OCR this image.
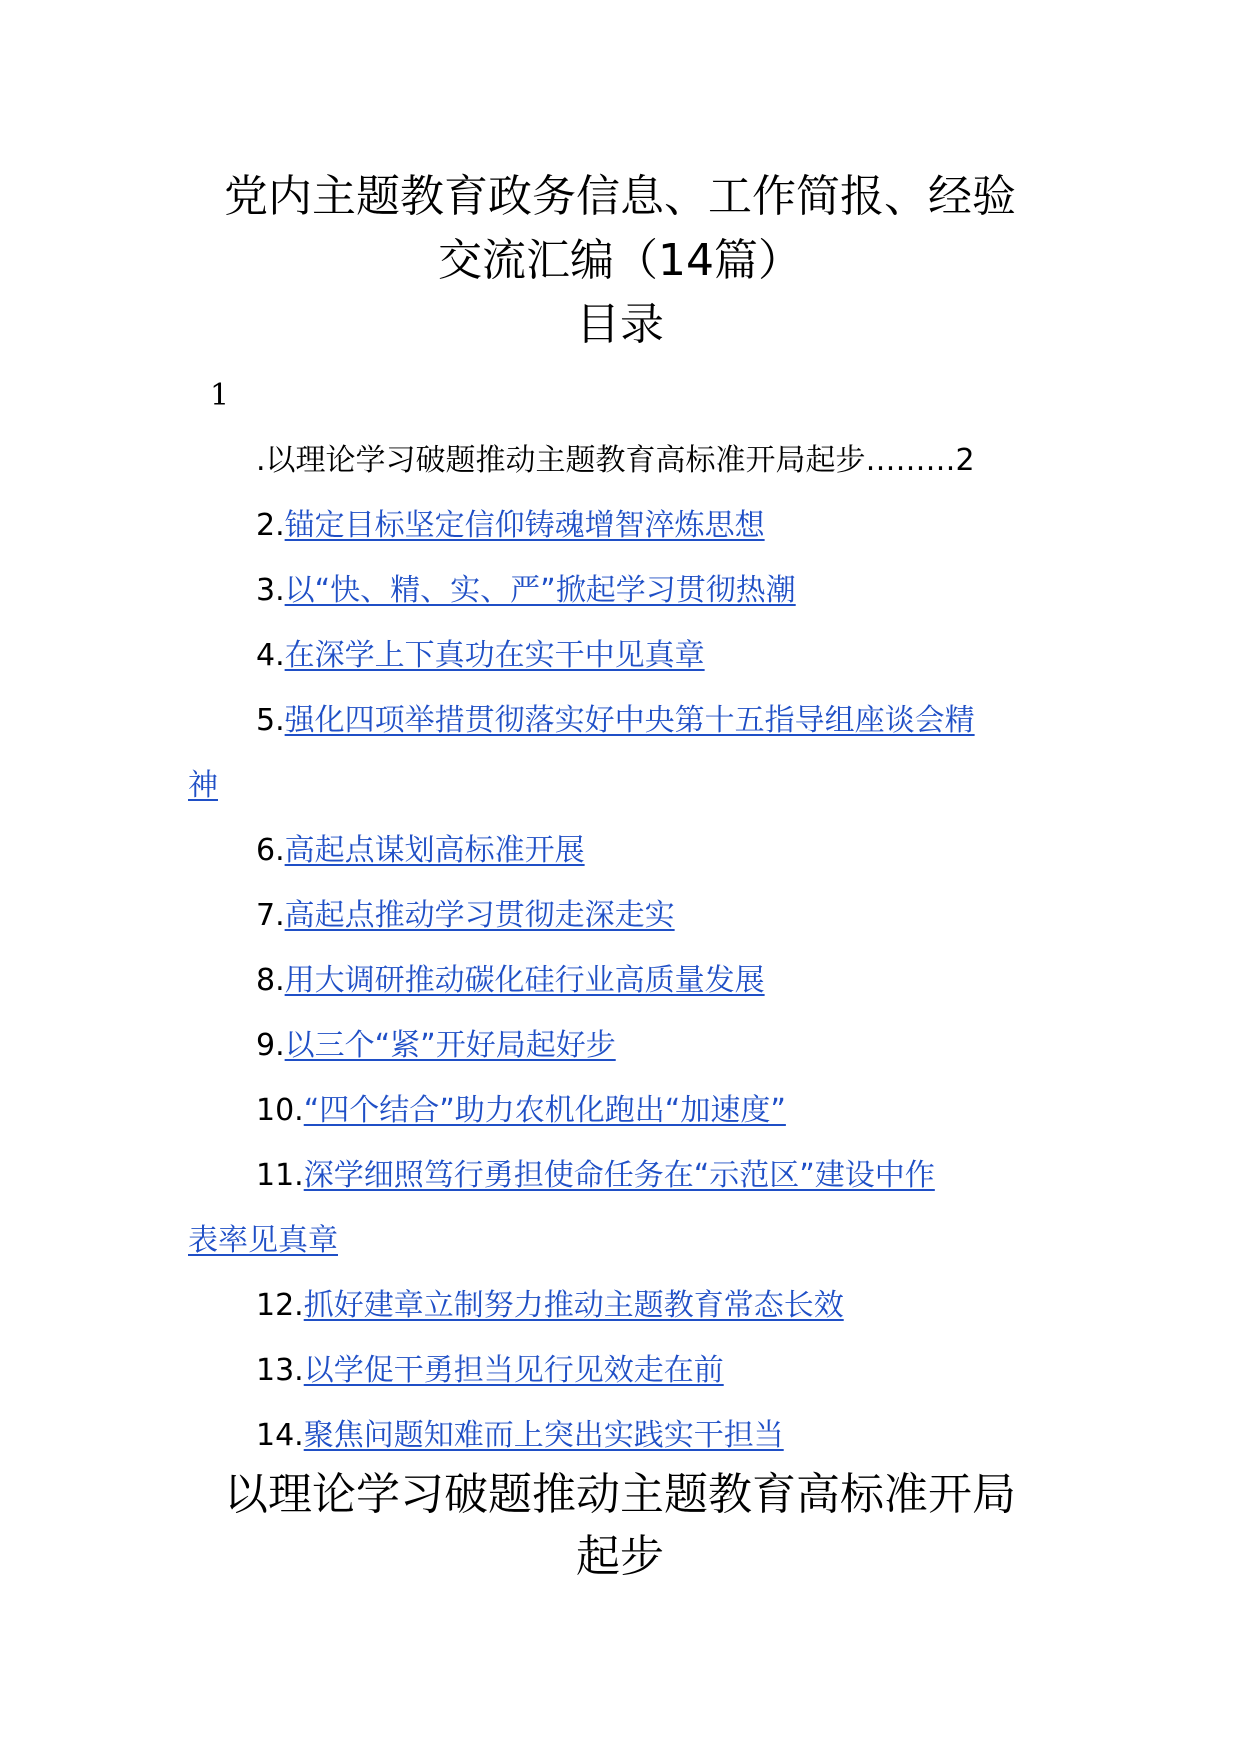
党内主题教育政务信息、工作简报、经验
交流汇编（14篇）
目录
1
.以理论学习破题推动主题教育高标准开局起步………2
2.锚定目标坚定信仰铸魂增智淬炼思想
3.以“快、精、实、严”掀起学习贯彻热潮
4.在深学上下真功在实干中见真章
5.强化四项举措贯彻落实好中央第十五指导组座谈会精
神
6.高起点谋划高标准开展
7.高起点推动学习贯彻走深走实
8.用大调研推动碳化硅行业高质量发展
9.以三个“紧”开好局起好步
10.“四个结合”助力农机化跑出“加速度”
11.深学细照笃行勇担使命任务在“示范区”建设中作
表率见真章
12.抓好建章立制努力推动主题教育常态长效
13.以学促干勇担当见行见效走在前
14.聚焦问题知难而上突出实践实干担当
以理论学习破题推动主题教育高标准开局
起步
